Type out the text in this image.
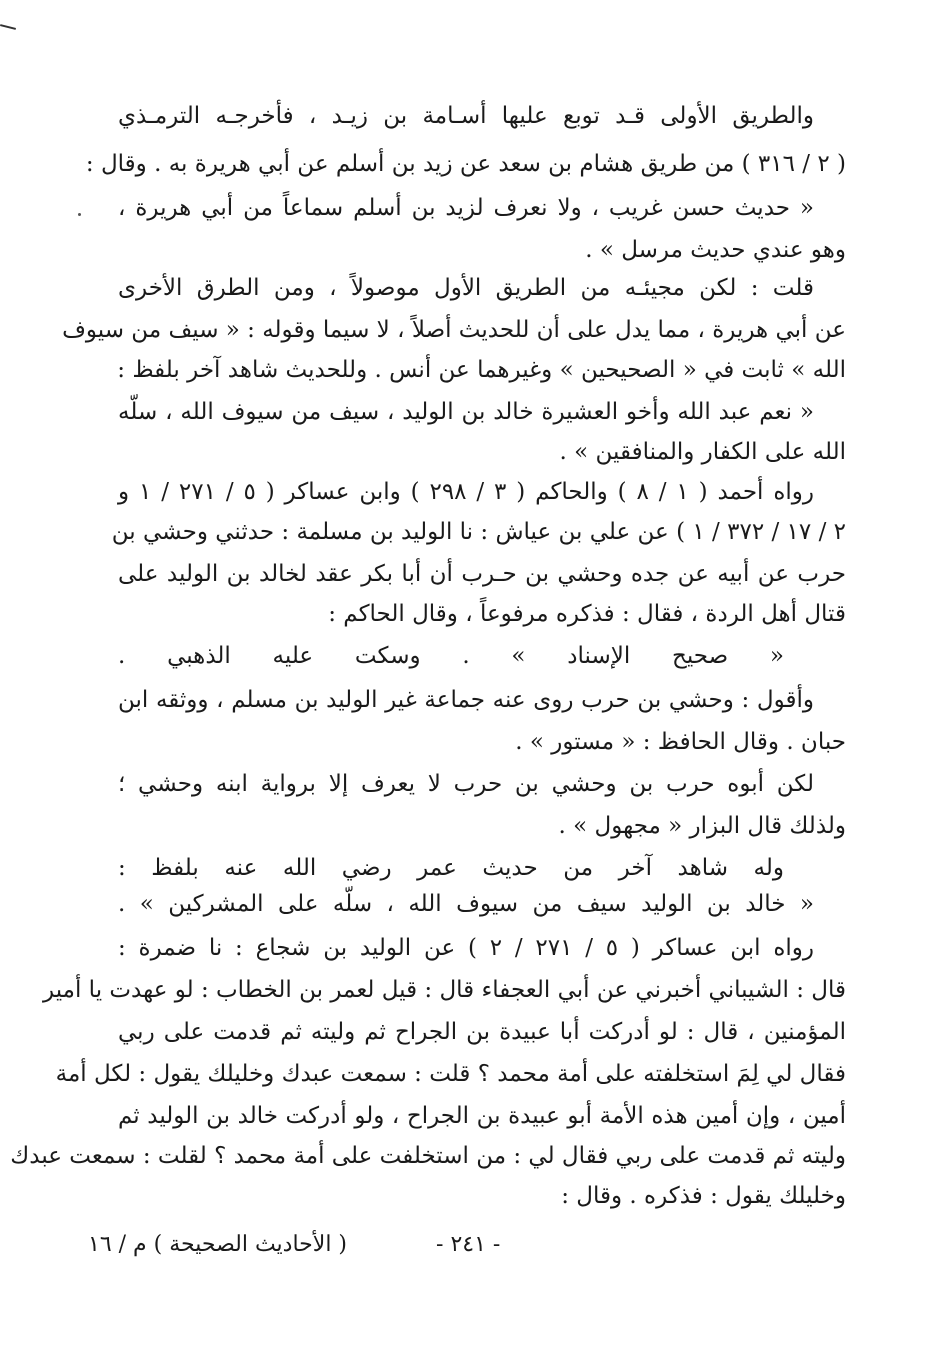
والطريق الأولى قـد توبع عليها أسـامة بن زيـد ، فأخرجـه الترمـذي
( ٢ / ٣١٦ ) من طريق هشام بن سعد عن زيد بن أسلم عن أبي هريرة به . وقال :
« حديث حسن غريب ، ولا نعرف لزيد بن أسلم سماعاً من أبي هريرة ،
وهو عندي حديث مرسل » .
قلت : لكن مجيئـه من الطريق الأول موصولاً ، ومن الطرق الأخرى
عن أبي هريرة ، مما يدل على أن للحديث أصلاً ، لا سيما وقوله : « سيف من سيوف
الله » ثابت في « الصحيحين » وغيرهما عن أنس . وللحديث شاهد آخر بلفظ :
« نعم عبد الله وأخو العشيرة خالد بن الوليد ، سيف من سيوف الله ، سلّه
الله على الكفار والمنافقين » .
رواه أحمد ( ١ / ٨ ) والحاكم ( ٣ / ٢٩٨ ) وابن عساكر ( ٥ / ٢٧١ / ١ و
٢ / ١٧ / ٣٧٢ / ١ ) عن علي بن عياش : نا الوليد بن مسلمة : حدثني وحشي بن
حرب عن أبيه عن جده وحشي بن حـرب أن أبا بكر عقد لخالد بن الوليد على
قتال أهل الردة ، فقال : فذكره مرفوعاً ، وقال الحاكم :
« صحيح الإسناد » . وسكت عليه الذهبي .
وأقول : وحشي بن حرب روى عنه جماعة غير الوليد بن مسلم ، ووثقه ابن
حبان . وقال الحافظ : « مستور » .
لكن أبوه حرب بن وحشي بن حرب لا يعرف إلا برواية ابنه وحشي ؛
ولذلك قال البزار « مجهول » .
وله شاهد آخر من حديث عمر رضي الله عنه بلفظ :
« خالد بن الوليد سيف من سيوف الله ، سلّه على المشركين » .
رواه ابن عساكر ( ٥ / ٢٧١ / ٢ ) عن الوليد بن شجاع : نا ضمرة :
قال : الشيباني أخبرني عن أبي العجفاء قال : قيل لعمر بن الخطاب : لو عهدت يا أمير
المؤمنين ، قال : لو أدركت أبا عبيدة بن الجراح ثم وليته ثم قدمت على ربي
فقال لي لِمَ استخلفته على أمة محمد ؟ قلت : سمعت عبدك وخليلك يقول : لكل أمة
أمين ، وإن أمين هذه الأمة أبو عبيدة بن الجراح ، ولو أدركت خالد بن الوليد ثم
وليته ثم قدمت على ربي فقال لي : من استخلفت على أمة محمد ؟ لقلت : سمعت عبدك
وخليلك يقول : فذكره . وقال :
( الأحاديث الصحيحة ) م / ١٦	- ٢٤١ -
